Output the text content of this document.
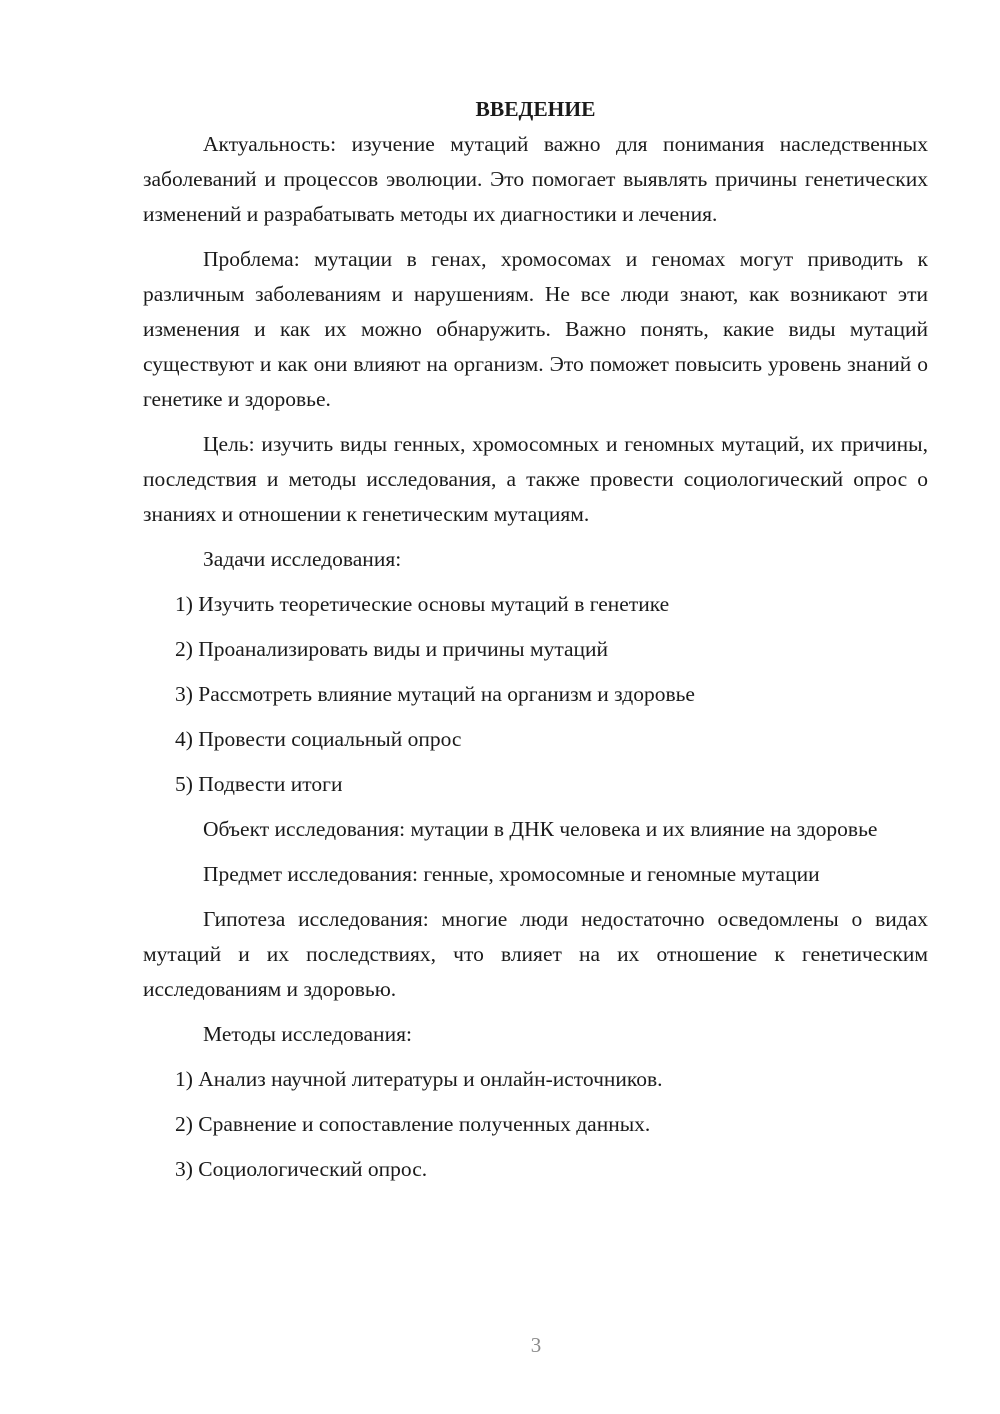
ВВЕДЕНИЕ

Актуальность: изучение мутаций важно для понимания наследственных заболеваний и процессов эволюции. Это помогает выявлять причины генетических изменений и разрабатывать методы их диагностики и лечения.

Проблема: мутации в генах, хромосомах и геномах могут приводить к различным заболеваниям и нарушениям. Не все люди знают, как возникают эти изменения и как их можно обнаружить. Важно понять, какие виды мутаций существуют и как они влияют на организм. Это поможет повысить уровень знаний о генетике и здоровье.

Цель: изучить виды генных, хромосомных и геномных мутаций, их причины, последствия и методы исследования, а также провести социологический опрос о знаниях и отношении к генетическим мутациям.

Задачи исследования:

1) Изучить теоретические основы мутаций в генетике

2) Проанализировать виды и причины мутаций

3) Рассмотреть влияние мутаций на организм и здоровье

4) Провести социальный опрос

5) Подвести итоги

Объект исследования: мутации в ДНК человека и их влияние на здоровье

Предмет исследования: генные, хромосомные и геномные мутации

Гипотеза исследования: многие люди недостаточно осведомлены о видах мутаций и их последствиях, что влияет на их отношение к генетическим исследованиям и здоровью.

Методы исследования:

1) Анализ научной литературы и онлайн-источников.

2) Сравнение и сопоставление полученных данных.

3) Социологический опрос.

3
